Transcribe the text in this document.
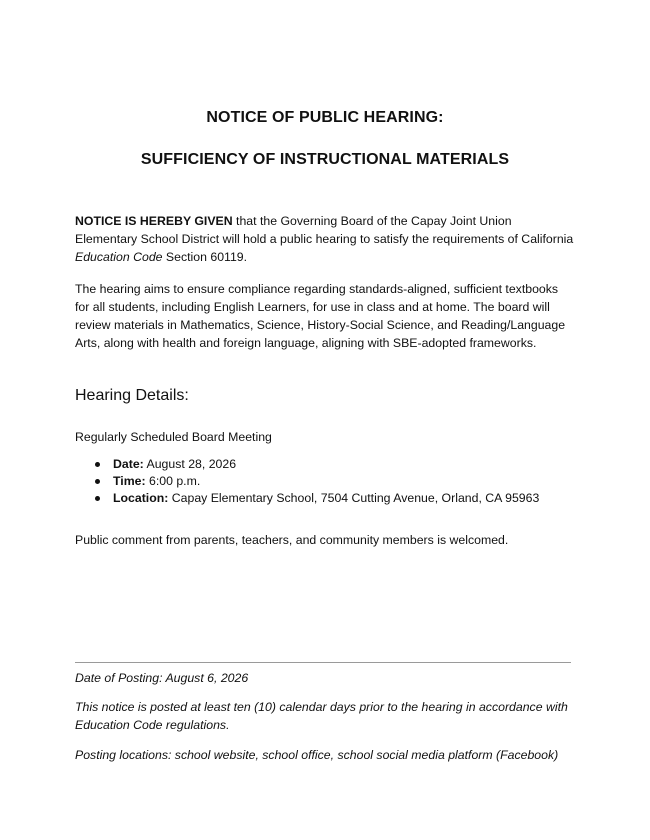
NOTICE OF PUBLIC HEARING:
SUFFICIENCY OF INSTRUCTIONAL MATERIALS

NOTICE IS HEREBY GIVEN that the Governing Board of the Capay Joint Union Elementary School District will hold a public hearing to satisfy the requirements of California Education Code Section 60119.

The hearing aims to ensure compliance regarding standards-aligned, sufficient textbooks for all students, including English Learners, for use in class and at home. The board will review materials in Mathematics, Science, History-Social Science, and Reading/Language Arts, along with health and foreign language, aligning with SBE-adopted frameworks.

Hearing Details:

Regularly Scheduled Board Meeting

Date: August 28, 2026
Time: 6:00 p.m.
Location: Capay Elementary School, 7504 Cutting Avenue, Orland, CA 95963

Public comment from parents, teachers, and community members is welcomed.

Date of Posting: August 6, 2026

This notice is posted at least ten (10) calendar days prior to the hearing in accordance with Education Code regulations.

Posting locations: school website, school office, school social media platform (Facebook)
